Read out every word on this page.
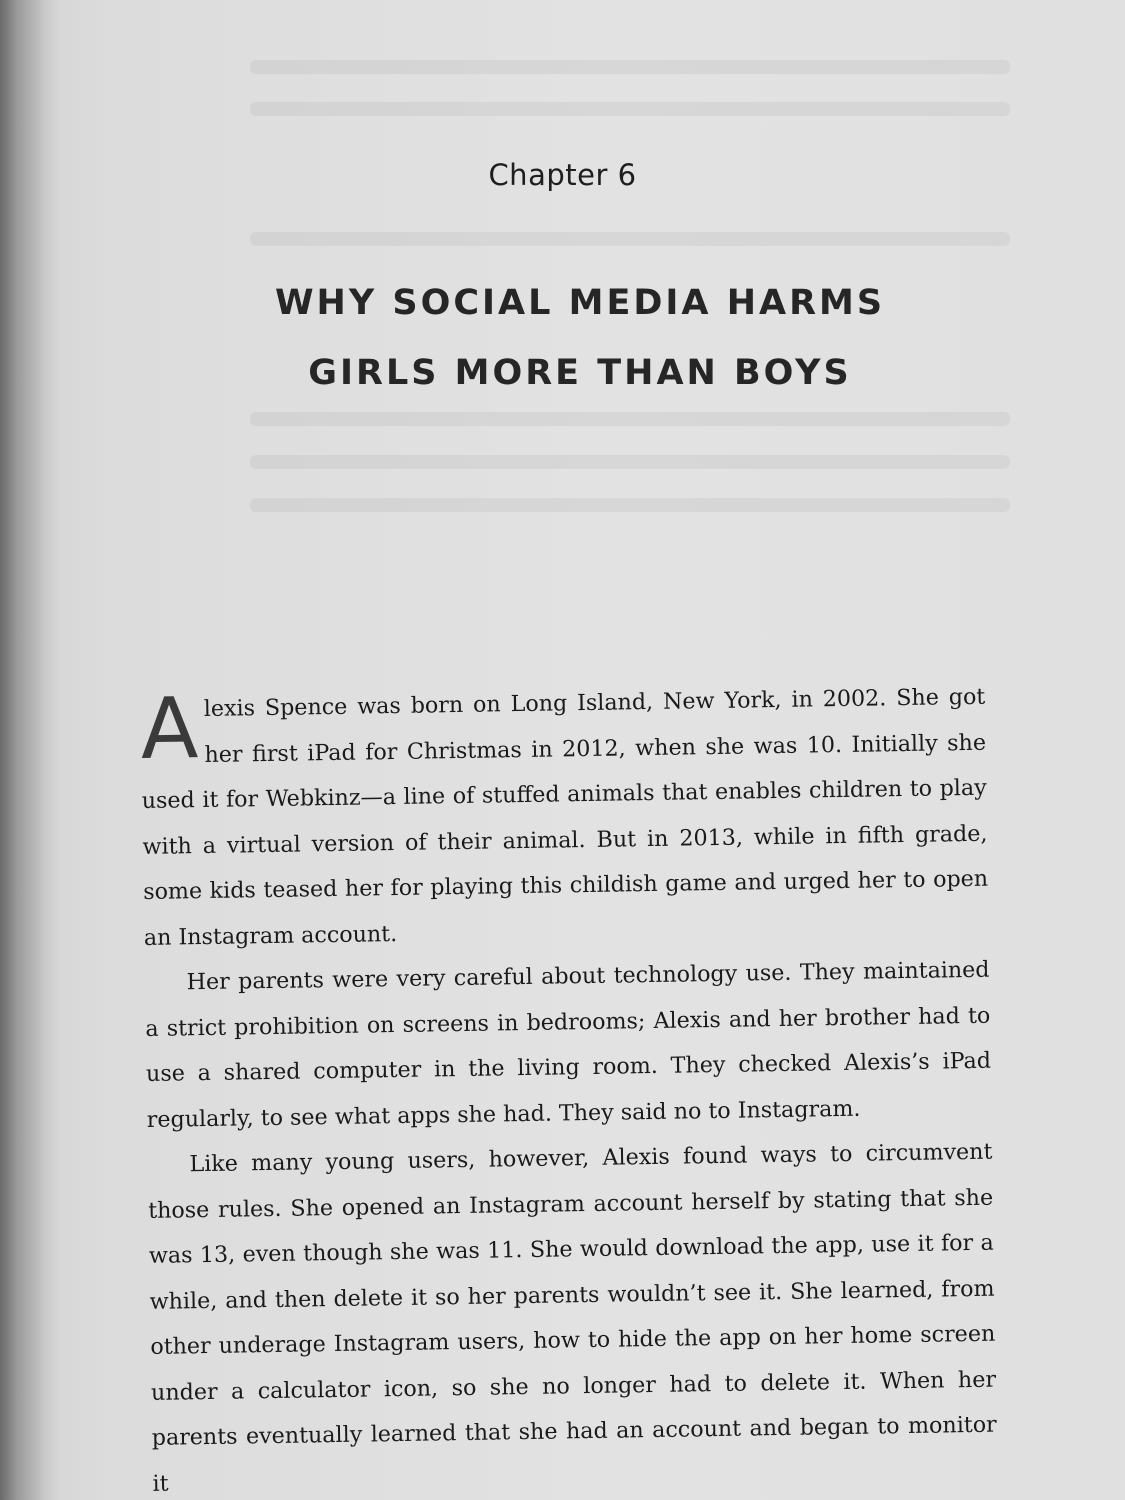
Chapter 6
WHY SOCIAL MEDIA HARMS
GIRLS MORE THAN BOYS

Alexis Spence was born on Long Island, New York, in 2002. She got her first iPad for Christmas in 2012, when she was 10. Initially she used it for Webkinz—a line of stuffed animals that enables children to play with a virtual version of their animal. But in 2013, while in fifth grade, some kids teased her for playing this childish game and urged her to open an Instagram account.

Her parents were very careful about technology use. They maintained a strict prohibition on screens in bedrooms; Alexis and her brother had to use a shared computer in the living room. They checked Alexis’s iPad regularly, to see what apps she had. They said no to Instagram.

Like many young users, however, Alexis found ways to circumvent those rules. She opened an Instagram account herself by stating that she was 13, even though she was 11. She would download the app, use it for a while, and then delete it so her parents wouldn’t see it. She learned, from other underage Instagram users, how to hide the app on her home screen under a calculator icon, so she no longer had to delete it. When her parents eventually learned that she had an account and began to monitor it
